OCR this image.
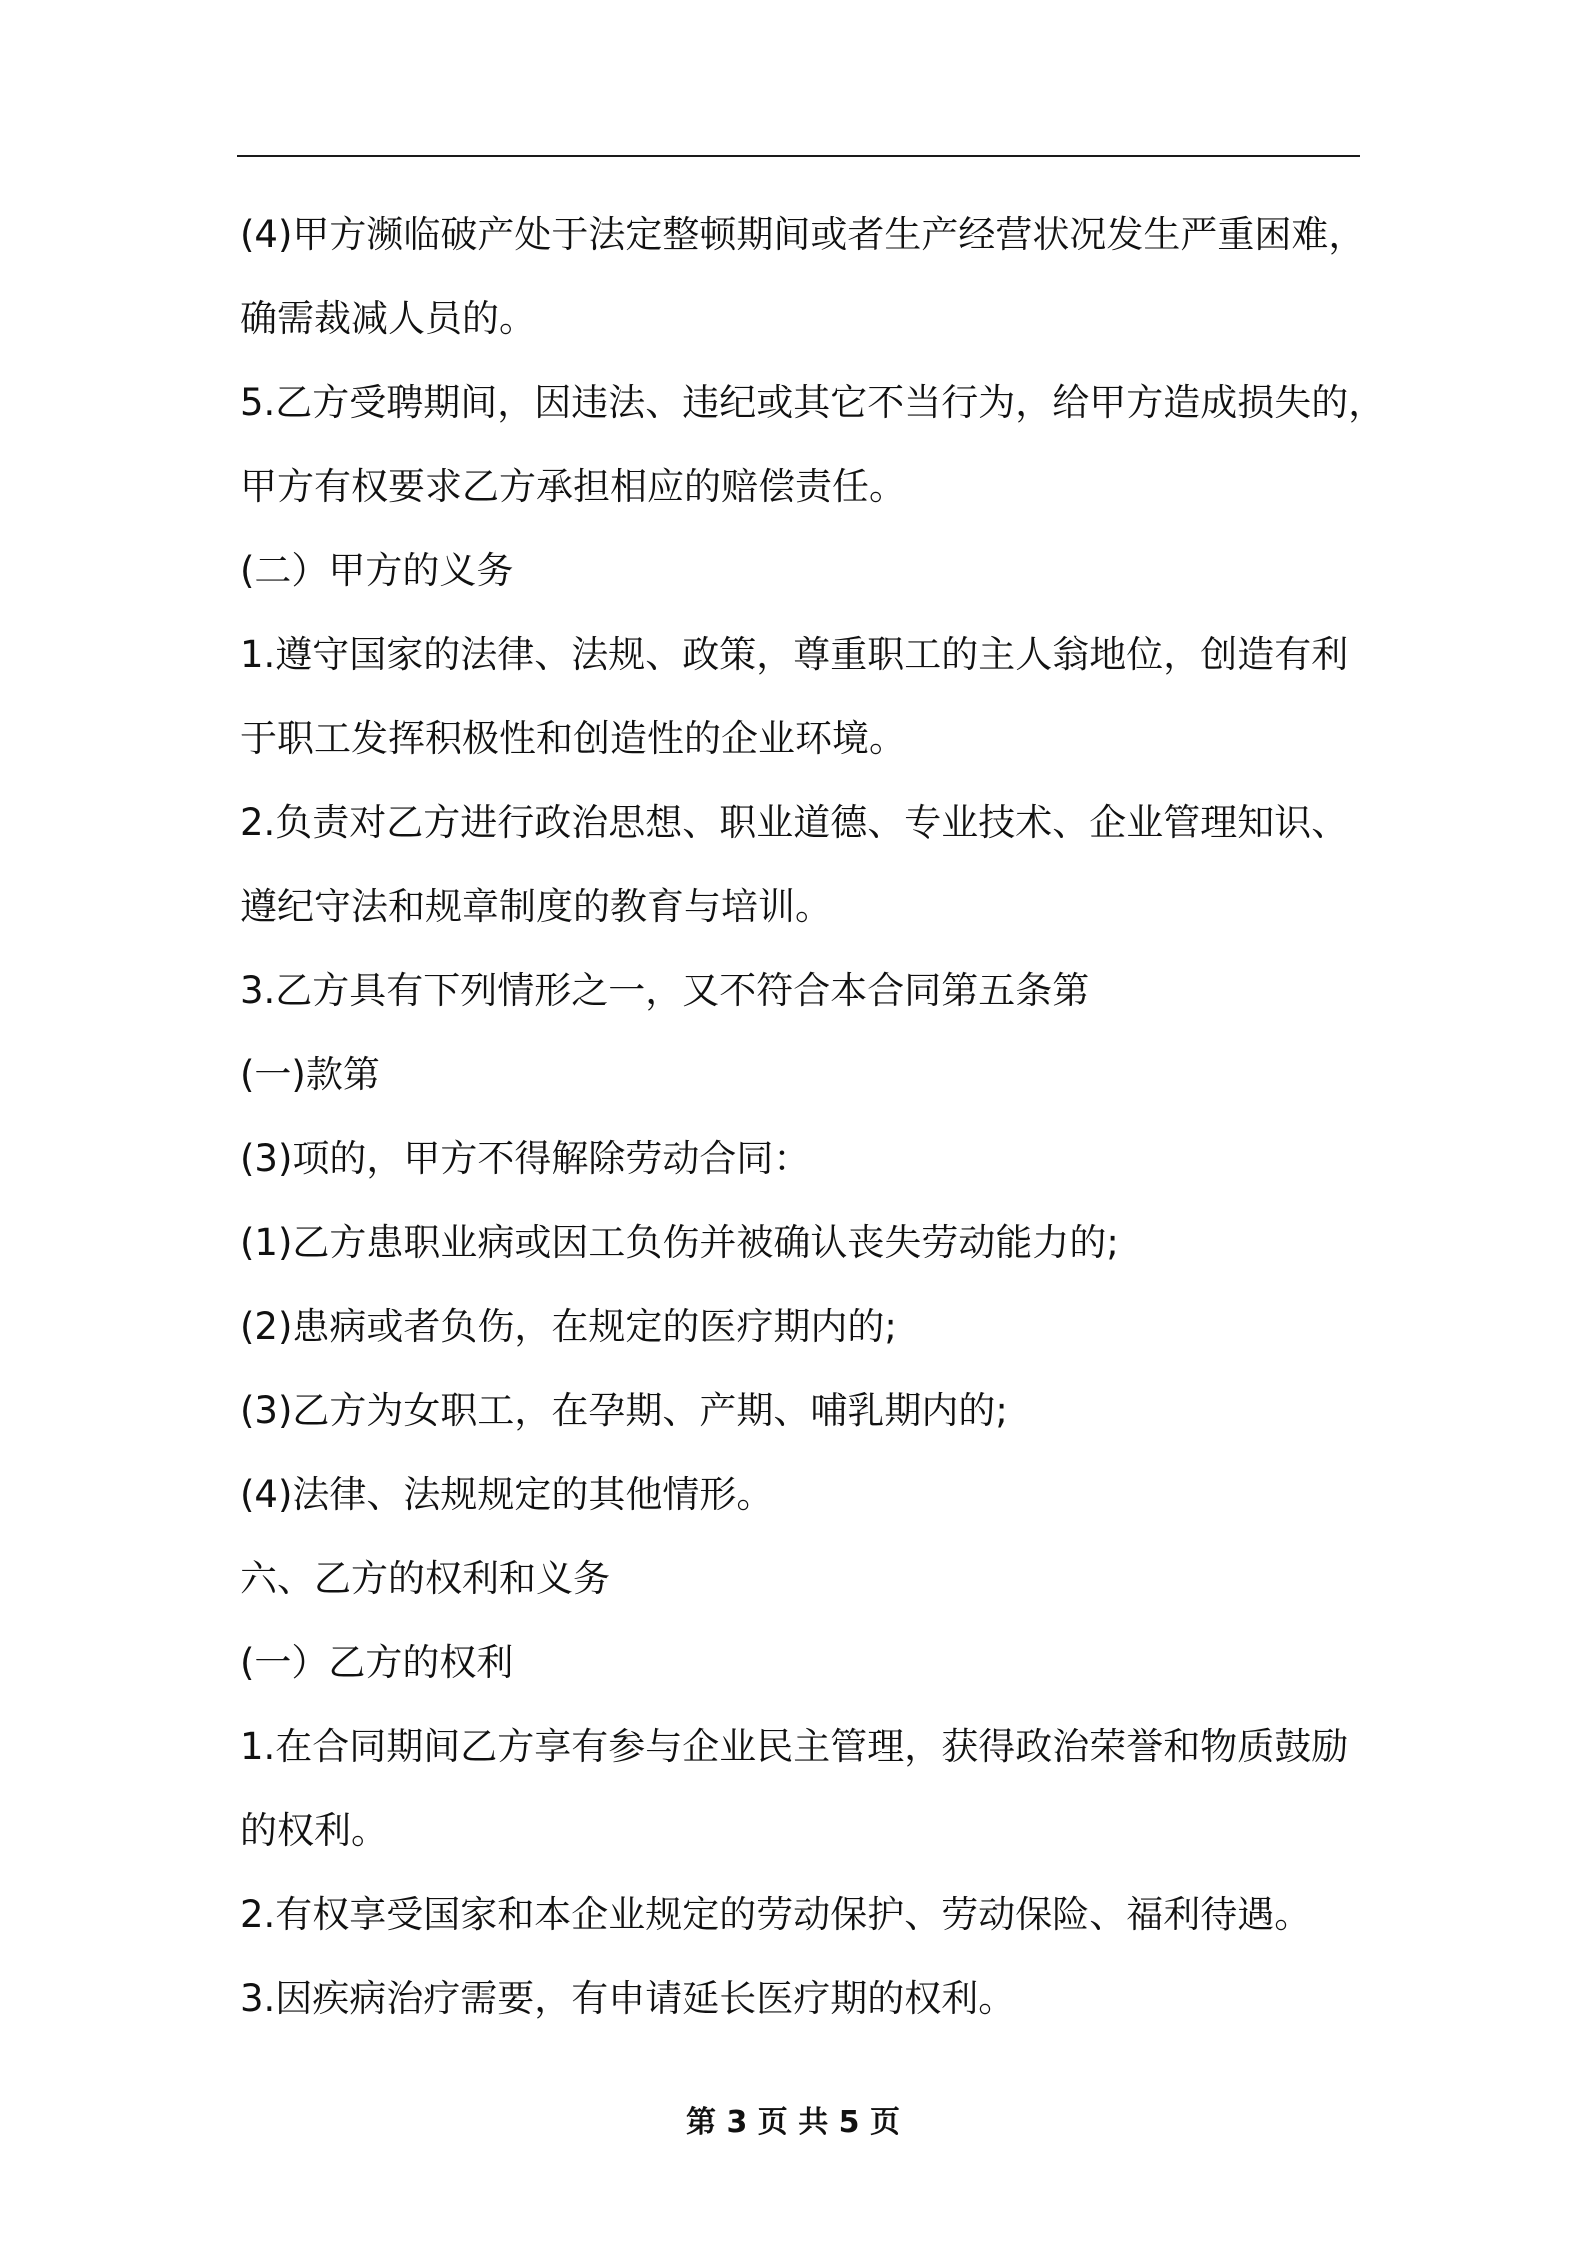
(4)甲方濒临破产处于法定整顿期间或者生产经营状况发生严重困难，
确需裁减人员的。
5.乙方受聘期间，因违法、违纪或其它不当行为，给甲方造成损失的，
甲方有权要求乙方承担相应的赔偿责任。
(二）甲方的义务
1.遵守国家的法律、法规、政策，尊重职工的主人翁地位，创造有利
于职工发挥积极性和创造性的企业环境。
2.负责对乙方进行政治思想、职业道德、专业技术、企业管理知识、
遵纪守法和规章制度的教育与培训。
3.乙方具有下列情形之一，又不符合本合同第五条第
(一)款第
(3)项的，甲方不得解除劳动合同：
(1)乙方患职业病或因工负伤并被确认丧失劳动能力的;
(2)患病或者负伤，在规定的医疗期内的;
(3)乙方为女职工，在孕期、产期、哺乳期内的;
(4)法律、法规规定的其他情形。
六、乙方的权利和义务
(一）乙方的权利
1.在合同期间乙方享有参与企业民主管理，获得政治荣誉和物质鼓励
的权利。
2.有权享受国家和本企业规定的劳动保护、劳动保险、福利待遇。
3.因疾病治疗需要，有申请延长医疗期的权利。

第 3 页 共 5 页
